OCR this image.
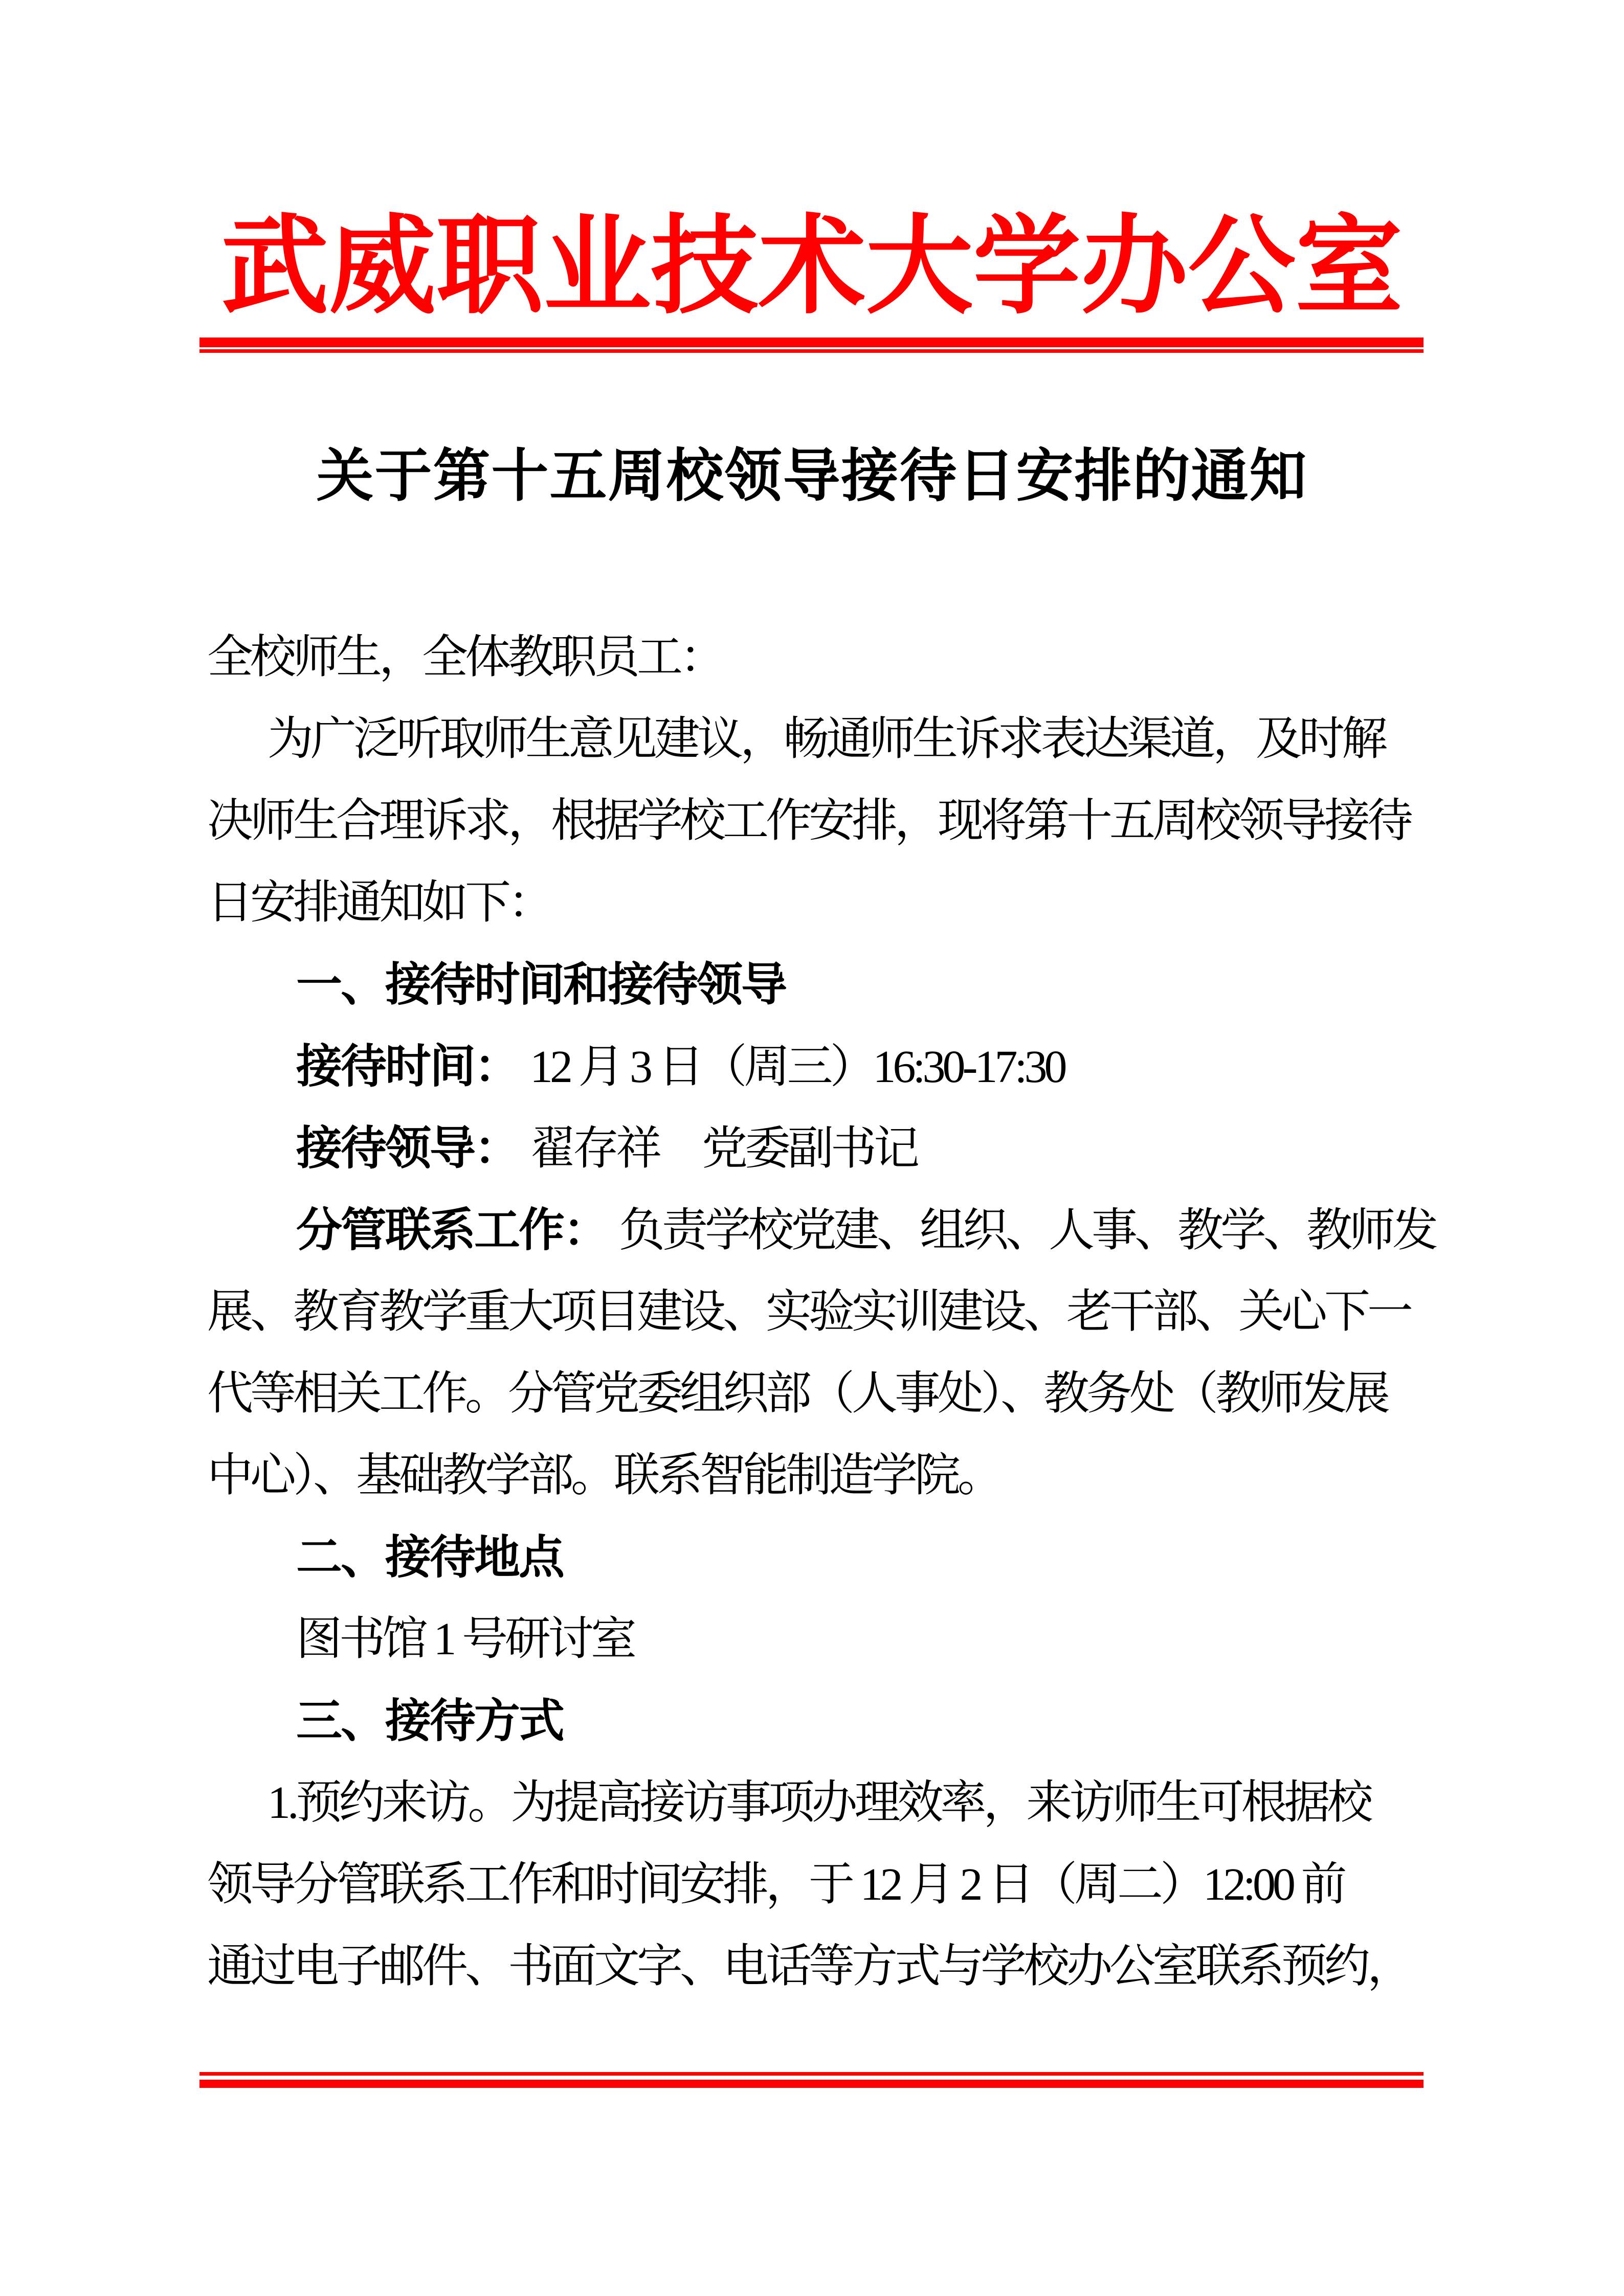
武威职业技术大学办公室
关于第十五周校领导接待日安排的通知
全校师生，全体教职员工：
为广泛听取师生意见建议，畅通师生诉求表达渠道，及时解
决师生合理诉求，根据学校工作安排，现将第十五周校领导接待
日安排通知如下：
一、接待时间和接待领导
接待时间： 12 月 3 日（周三）16:30-17:30
接待领导： 翟存祥　党委副书记
分管联系工作： 负责学校党建、组织、人事、教学、教师发
展、教育教学重大项目建设、实验实训建设、老干部、关心下一
代等相关工作。分管党委组织部（人事处）、教务处（教师发展
中心）、基础教学部。联系智能制造学院。
二、接待地点
图书馆 1 号研讨室
三、接待方式
1.预约来访。为提高接访事项办理效率，来访师生可根据校
领导分管联系工作和时间安排，于 12 月 2 日（周二）12:00 前
通过电子邮件、书面文字、电话等方式与学校办公室联系预约，
